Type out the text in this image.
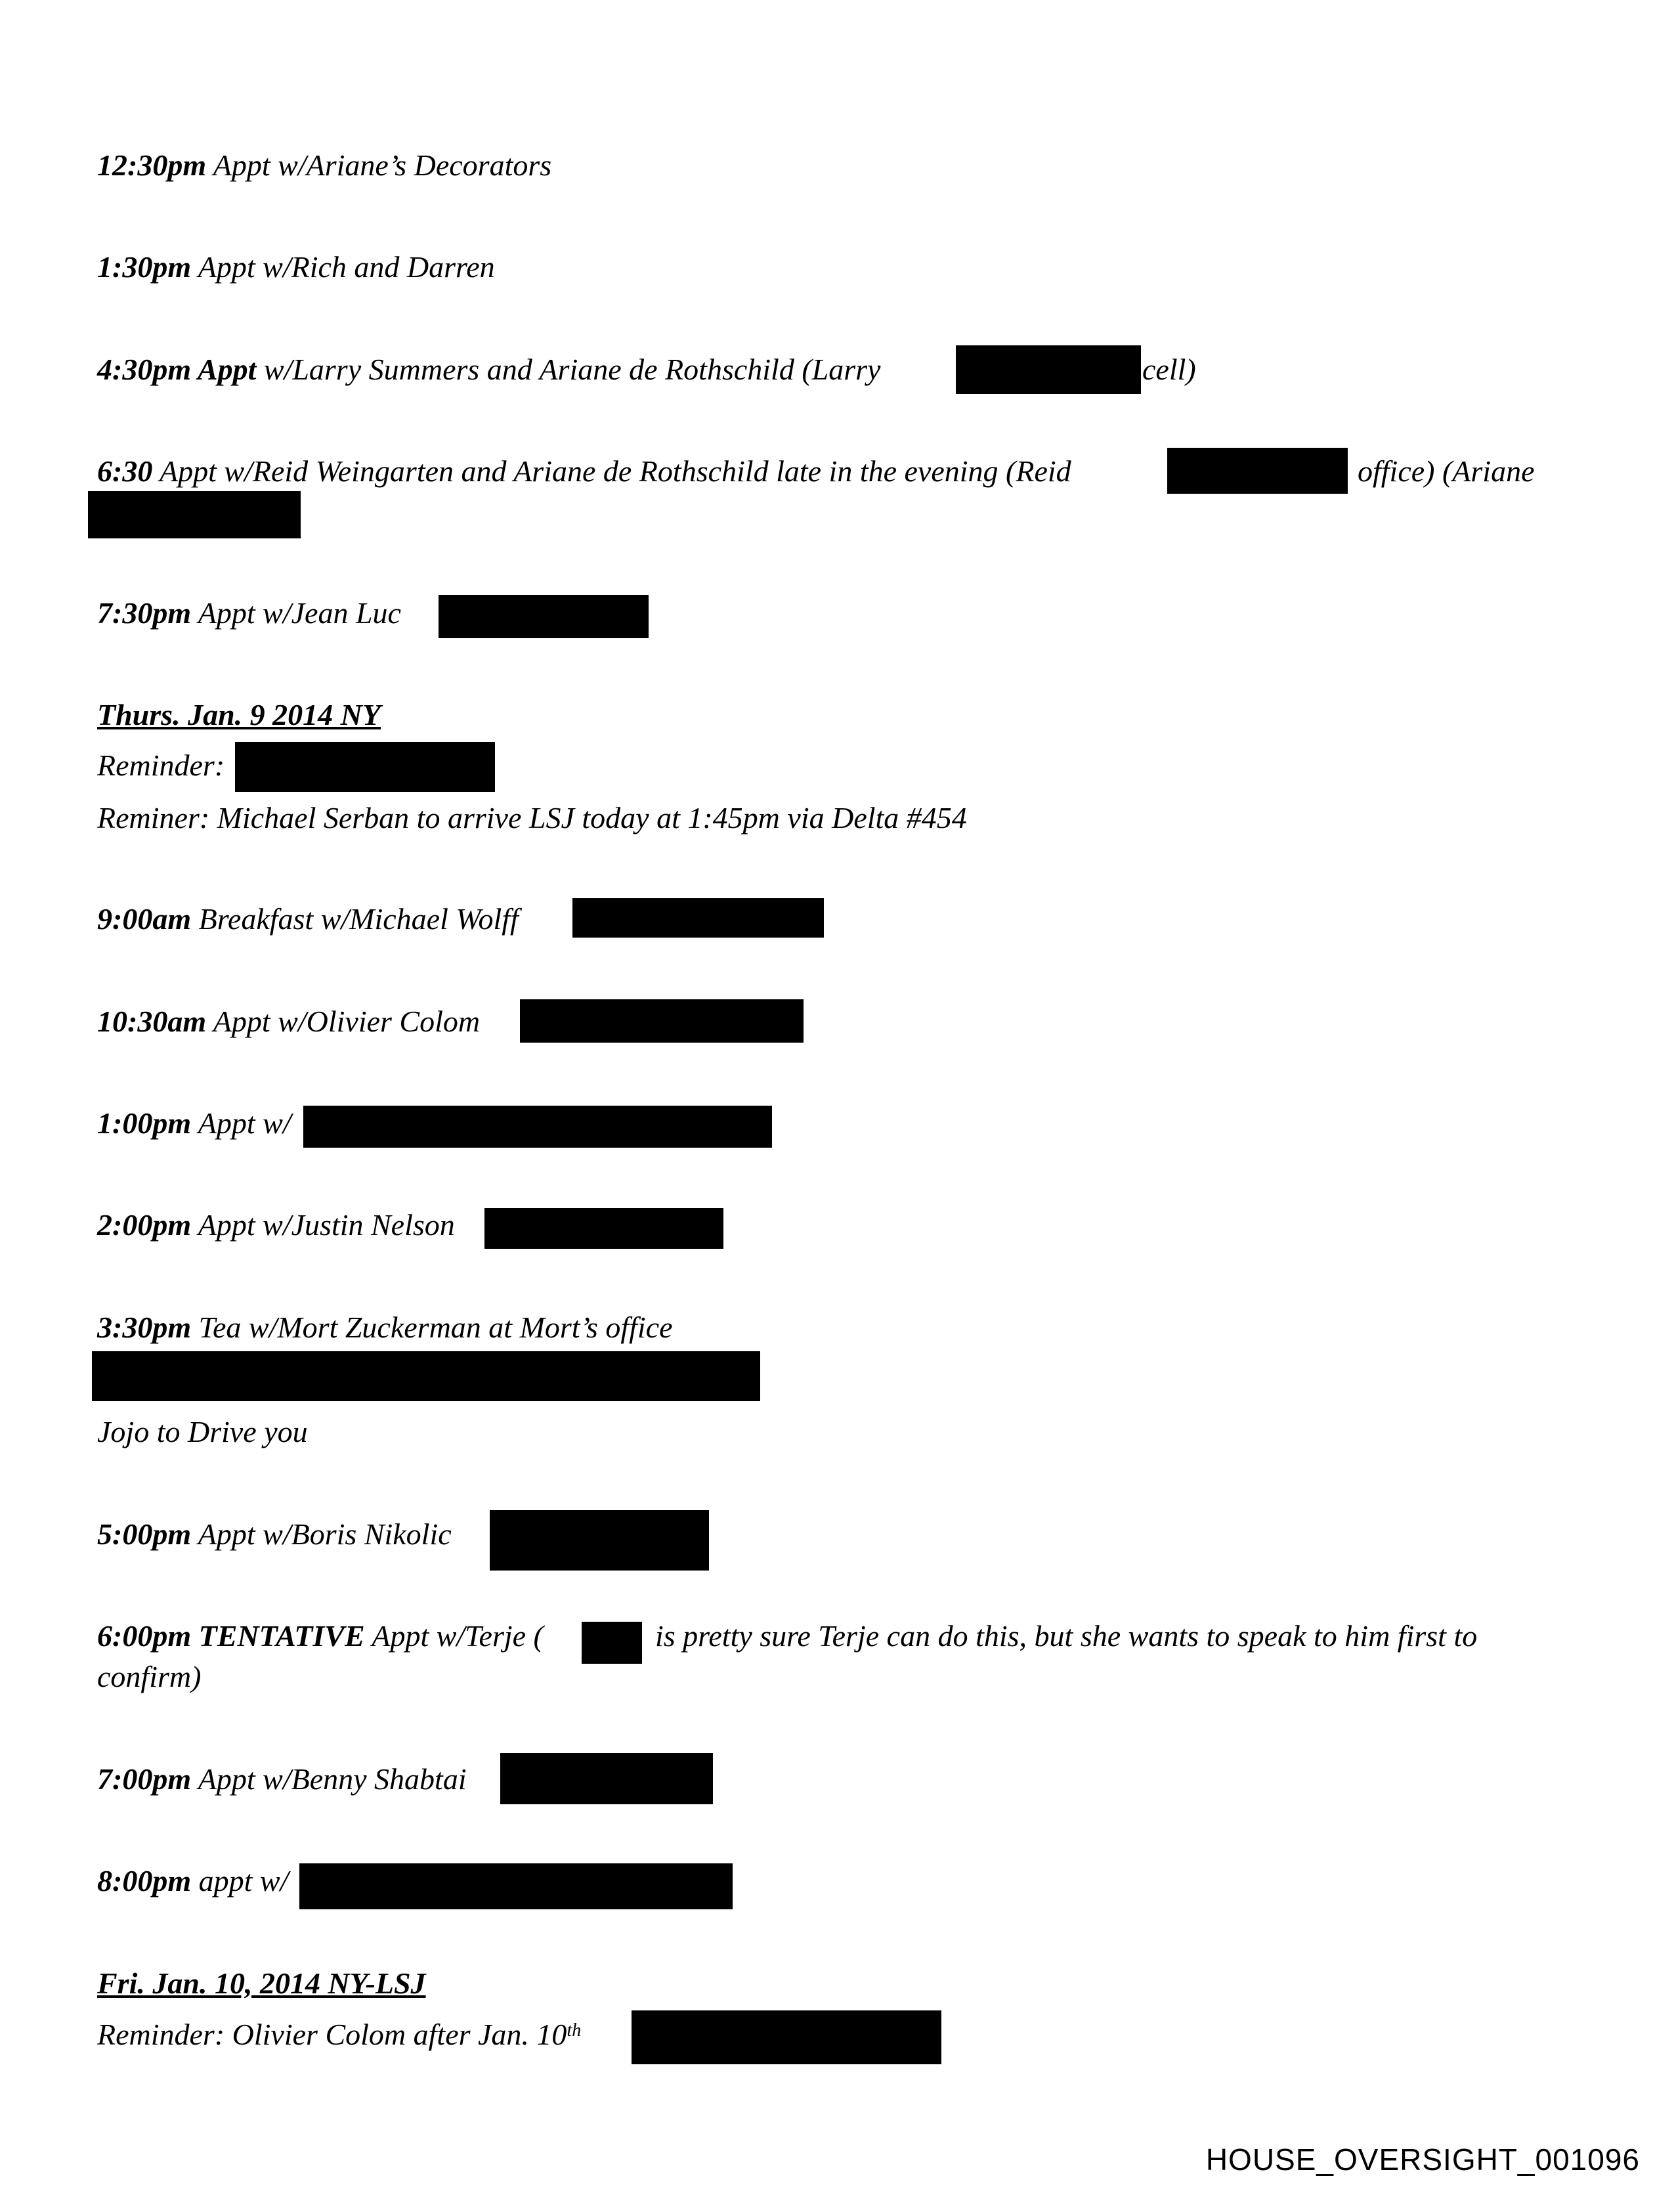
12:30pm Appt w/Ariane’s Decorators
1:30pm Appt w/Rich and Darren
4:30pm Appt w/Larry Summers and Ariane de Rothschild (Larry	cell)
6:30 Appt w/Reid Weingarten and Ariane de Rothschild late in the evening (Reid	office) (Ariane
7:30pm Appt w/Jean Luc
Thurs. Jan. 9 2014 NY
Reminder:
Reminer: Michael Serban to arrive LSJ today at 1:45pm via Delta #454
9:00am Breakfast w/Michael Wolff
10:30am Appt w/Olivier Colom
1:00pm Appt w/
2:00pm Appt w/Justin Nelson
3:30pm Tea w/Mort Zuckerman at Mort’s office
Jojo to Drive you
5:00pm Appt w/Boris Nikolic
6:00pm TENTATIVE Appt w/Terje (	is pretty sure Terje can do this, but she wants to speak to him first to
confirm)
7:00pm Appt w/Benny Shabtai
8:00pm appt w/
Fri. Jan. 10, 2014 NY-LSJ
Reminder: Olivier Colom after Jan. 10th
HOUSE_OVERSIGHT_001096
